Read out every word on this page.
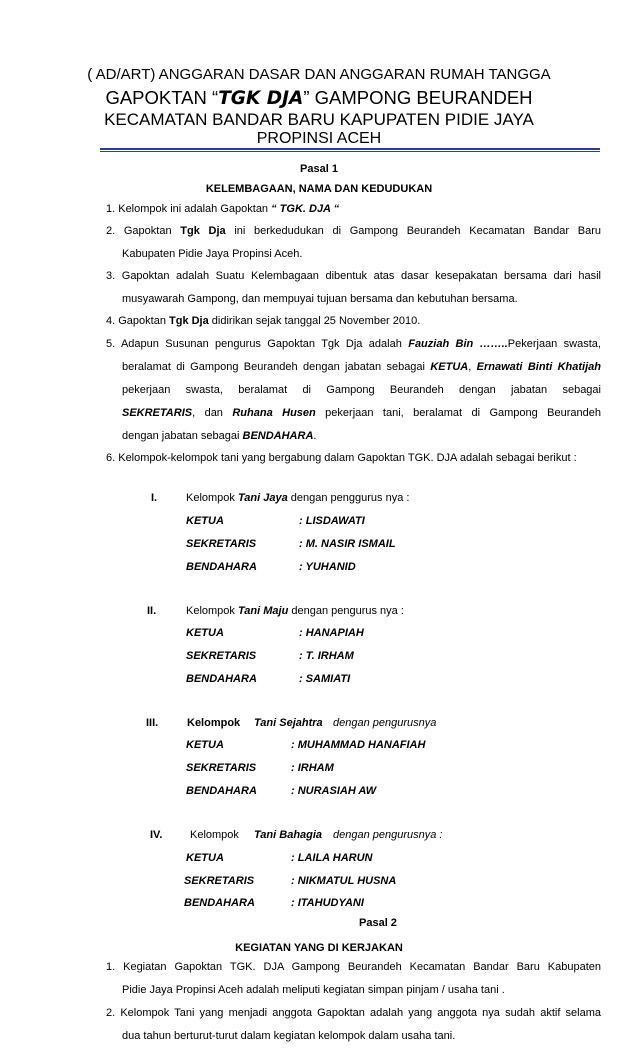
( AD/ART) ANGGARAN DASAR DAN ANGGARAN RUMAH TANGGA
GAPOKTAN “TGK DJA” GAMPONG BEURANDEH
KECAMATAN BANDAR BARU KAPUPATEN PIDIE JAYA
PROPINSI ACEH
Pasal 1
KELEMBAGAAN, NAMA DAN KEDUDUKAN
1. Kelompok ini adalah Gapoktan “ TGK. DJA “
2. Gapoktan Tgk Dja ini berkedudukan di Gampong Beurandeh Kecamatan Bandar Baru
Kabupaten Pidie Jaya Propinsi Aceh.
3. Gapoktan adalah Suatu Kelembagaan dibentuk atas dasar kesepakatan bersama dari hasil
musyawarah Gampong, dan mempuyai tujuan bersama dan kebutuhan bersama.
4. Gapoktan Tgk Dja didirikan sejak tanggal 25 November 2010.
5. Adapun Susunan pengurus Gapoktan Tgk Dja adalah Fauziah Bin ……..Pekerjaan swasta,
beralamat di Gampong Beurandeh dengan jabatan sebagai KETUA, Ernawati Binti Khatijah
pekerjaan swasta, beralamat di Gampong Beurandeh dengan jabatan sebagai
SEKRETARIS, dan Ruhana Husen pekerjaan tani, beralamat di Gampong Beurandeh
dengan jabatan sebagai BENDAHARA.
6. Kelompok-kelompok tani yang bergabung dalam Gapoktan TGK. DJA adalah sebagai berikut :
I.	Kelompok Tani Jaya dengan penggurus nya :
KETUA	: LISDAWATI
SEKRETARIS	: M. NASIR ISMAIL
BENDAHARA	: YUHANID
II.	Kelompok Tani Maju dengan pengurus nya :
KETUA	: HANAPIAH
SEKRETARIS	: T. IRHAM
BENDAHARA	: SAMIATI
III.	Kelompok Tani Sejahtra dengan pengurusnya
KETUA	: MUHAMMAD HANAFIAH
SEKRETARIS	: IRHAM
BENDAHARA	: NURASIAH AW
IV.	Kelompok Tani Bahagia dengan pengurusnya :
KETUA	: LAILA HARUN
SEKRETARIS	: NIKMATUL HUSNA
BENDAHARA	: ITAHUDYANI
Pasal 2
KEGIATAN YANG DI KERJAKAN
1. Kegiatan Gapoktan TGK. DJA Gampong Beurandeh Kecamatan Bandar Baru Kabupaten
Pidie Jaya Propinsi Aceh adalah meliputi kegiatan simpan pinjam / usaha tani .
2. Kelompok Tani yang menjadi anggota Gapoktan adalah yang anggota nya sudah aktif selama
dua tahun berturut-turut dalam kegiatan kelompok dalam usaha tani.
